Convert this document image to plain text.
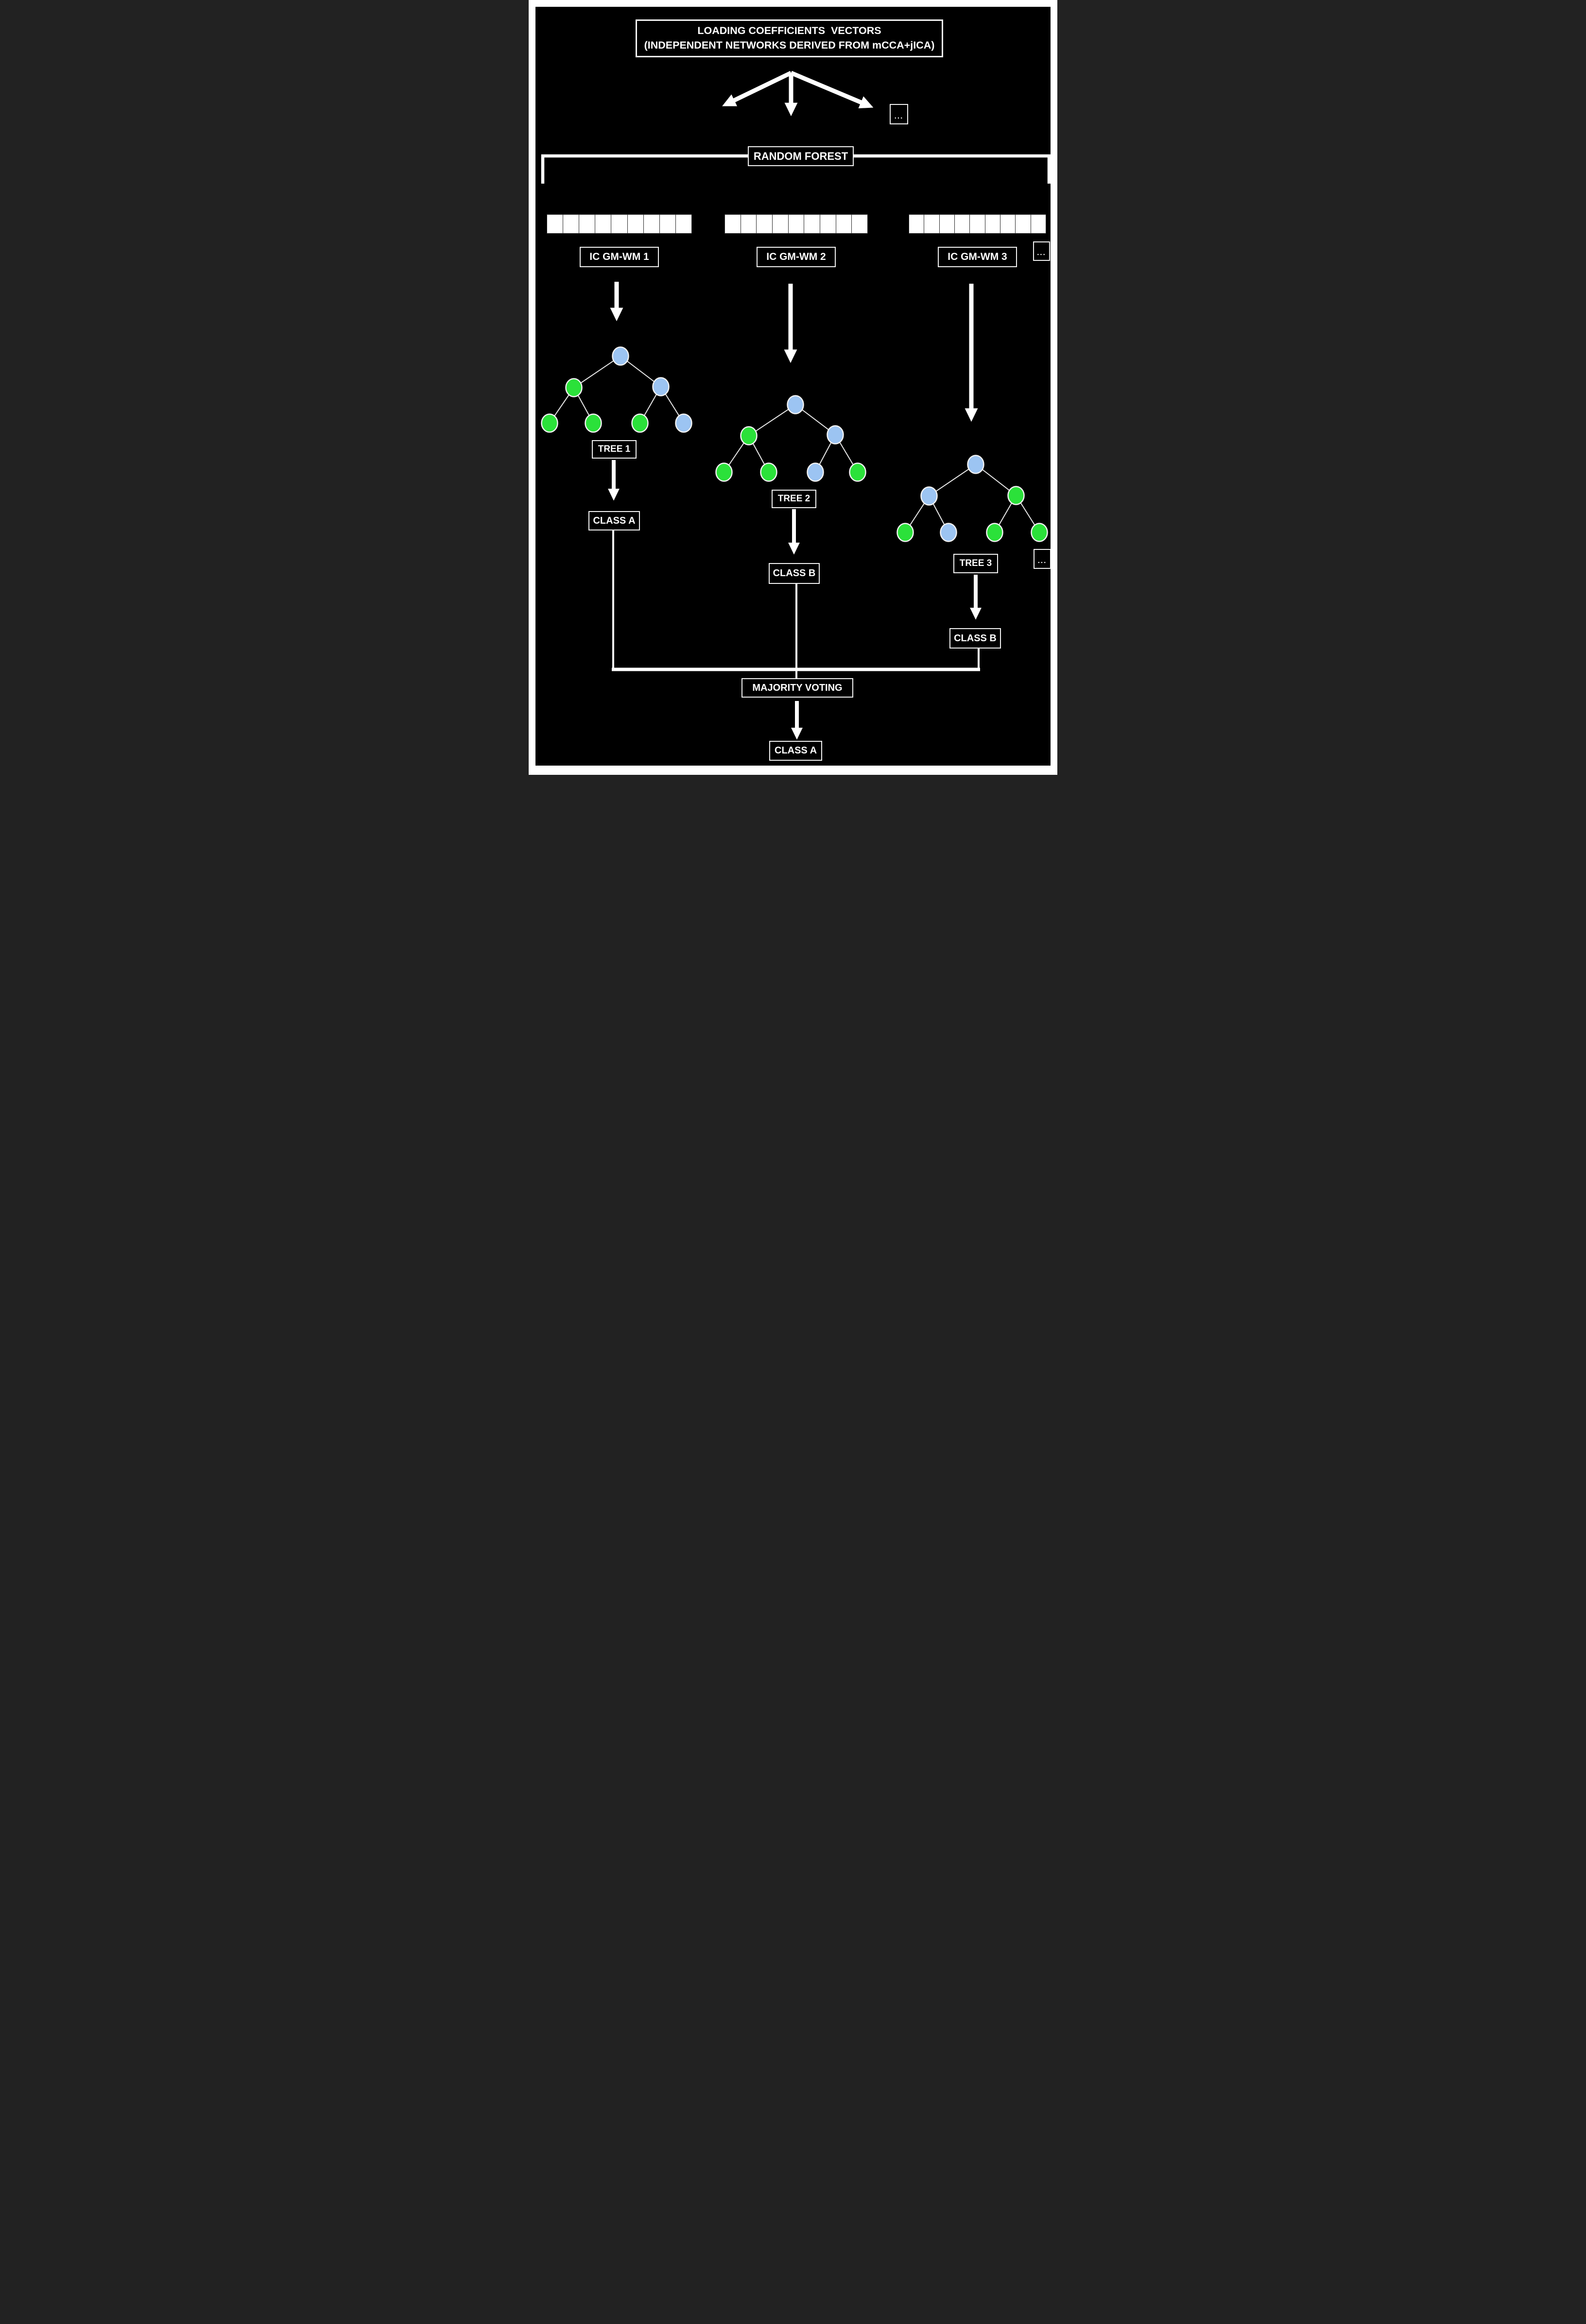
LOADING COEFFICIENTS  VECTORS
(INDEPENDENT NETWORKS DERIVED FROM mCCA+jICA)
...
RANDOM FOREST
IC GM-WM 1	IC GM-WM 2	IC GM-WM 3	...
TREE 1
TREE 2
TREE 3	...
CLASS A
CLASS B
CLASS B
MAJORITY VOTING
CLASS A
